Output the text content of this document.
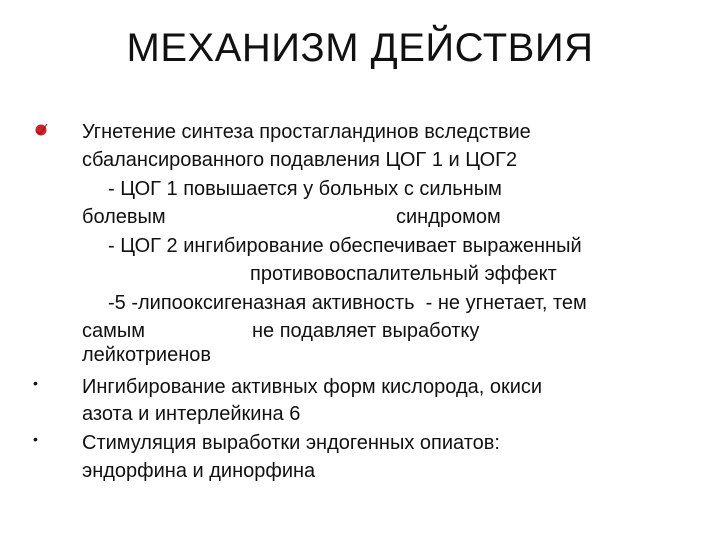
МЕХАНИЗМ ДЕЙСТВИЯ
Угнетение синтеза простагландинов вследствие
сбалансированного подавления ЦОГ 1 и ЦОГ2
- ЦОГ 1 повышается у больных с сильным
болевым	синдромом
- ЦОГ 2 ингибирование обеспечивает выраженный
противовоспалительный эффект
-5 -липооксигеназная активность  - не угнетает, тем
самым	не подавляет выработку
лейкотриенов
• Ингибирование активных форм кислорода, окиси
азота и интерлейкина 6
• Стимуляция выработки эндогенных опиатов:
эндорфина и динорфина
